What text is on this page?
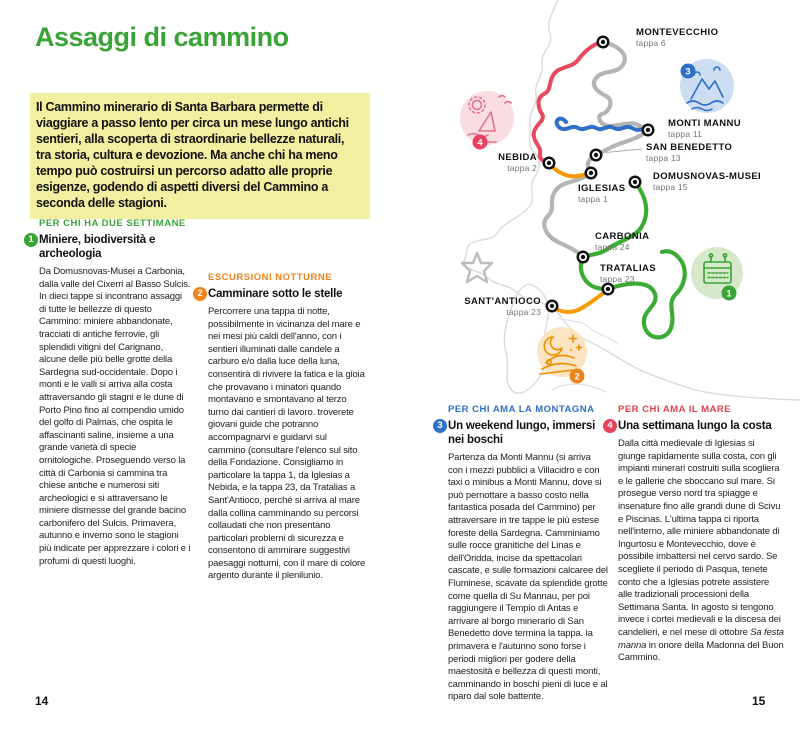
Assaggi di cammino

Il Cammino minerario di Santa Barbara permette di viaggiare a passo lento per circa un mese lungo antichi sentieri, alla scoperta di straordinarie bellezze naturali, tra storia, cultura e devozione. Ma anche chi ha meno tempo può costruirsi un percorso adatto alle proprie esigenze, godendo di aspetti diversi del Cammino a seconda delle stagioni.

PER CHI HA DUE SETTIMANE
1 Miniere, biodiversità e archeologia
Da Domusnovas-Musei a Carbonia, dalla valle del Cixerri al Basso Sulcis. In dieci tappe si incontrano assaggi di tutte le bellezze di questo Cammino: miniere abbandonate, tracciati di antiche ferrovie, gli splendidi vitigni del Carignano, alcune delle più belle grotte della Sardegna sud-occidentale. Dopo i monti e le valli si arriva alla costa attraversando gli stagni e le dune di Porto Pino fino al compendio umido del golfo di Palmas, che ospita le affascinanti saline, insieme a una grande varietà di specie ornitologiche. Proseguendo verso la città di Carbonia si cammina tra chiese antiche e numerosi siti archeologici e si attraversano le miniere dismesse del grande bacino carbonifero del Sulcis. Primavera, autunno e inverno sono le stagioni più indicate per apprezzare i colori e i profumi di questi luoghi.
ESCURSIONI NOTTURNE
2 Camminare sotto le stelle
Percorrere una tappa di notte, possibilmente in vicinanza del mare e nei mesi più caldi dell'anno, con i sentieri illuminati dalle candele a carburo e/o dalla luce della luna, consentirà di rivivere la fatica e la gioia che provavano i minatori quando montavano e smontavano al terzo turno dai cantieri di lavoro. troverete giovani guide che potranno accompagnarvi e guidarvi sul cammino (consultare l'elenco sul sito della Fondazione. Consigliamo in particolare la tappa 1, da Iglesias a Nebida, e la tappa 23, da Tratalias a Sant'Antioco, perché si arriva al mare dalla collina camminando su percorsi collaudati che non presentano particolari problemi di sicurezza e consentono di ammirare suggestivi paesaggi notturni, con il mare di colore argento durante il plenilunio.
3
4
2
1
MONTEVECCHIO
tappa 6
MONTI MANNU
tappa 11
SAN BENEDETTO
tappa 13
DOMUSNOVAS-MUSEI
tappa 15
IGLESIAS
tappa 1
NEBIDA
tappa 2
CARBONIA
tappa 24
TRATALIAS
tappa 23
SANT'ANTIOCO
tappa 23
PER CHI AMA LA MONTAGNA
3 Un weekend lungo, immersi nei boschi
Partenza da Monti Mannu (si arriva con i mezzi pubblici a Villacidro e con taxi o minibus a Monti Mannu, dove si può pernottare a basso costo nella fantastica posada del Cammino) per attraversare in tre tappe le più estese foreste della Sardegna. Camminiamo sulle rocce granitiche del Linas e dell'Oridda, incise da spettacolari cascate, e sulle formazioni calcaree del Fluminese, scavate da splendide grotte come quella di Su Mannau, per poi raggiungere il Tempio di Antas e arrivare al borgo minerario di San Benedetto dove termina la tappa. la primavera e l'autunno sono forse i periodi migliori per godere della maestosità e bellezza di questi monti, camminando in boschi pieni di luce e al riparo dal sole battente.
PER CHI AMA IL MARE
4 Una settimana lungo la costa
Dalla città medievale di Iglesias si giunge rapidamente sulla costa, con gli impianti minerari costruiti sulla scogliera e le gallerie che sboccano sul mare. Si prosegue verso nord tra spiagge e insenature fino alle grandi dune di Scivu e Piscinas. L'ultima tappa ci riporta nell'interno, alle miniere abbandonate di Ingurtosu e Montevecchio, dove è possibile imbattersi nel cervo sardo. Se scegliete il periodo di Pasqua, tenete conto che a Iglesias potrete assistere alle tradizionali processioni della Settimana Santa. In agosto si tengono invece i cortei medievali e la discesa dei candelieri, e nel mese di ottobre Sa festa manna in onore della Madonna del Buon Cammino.
14	15
